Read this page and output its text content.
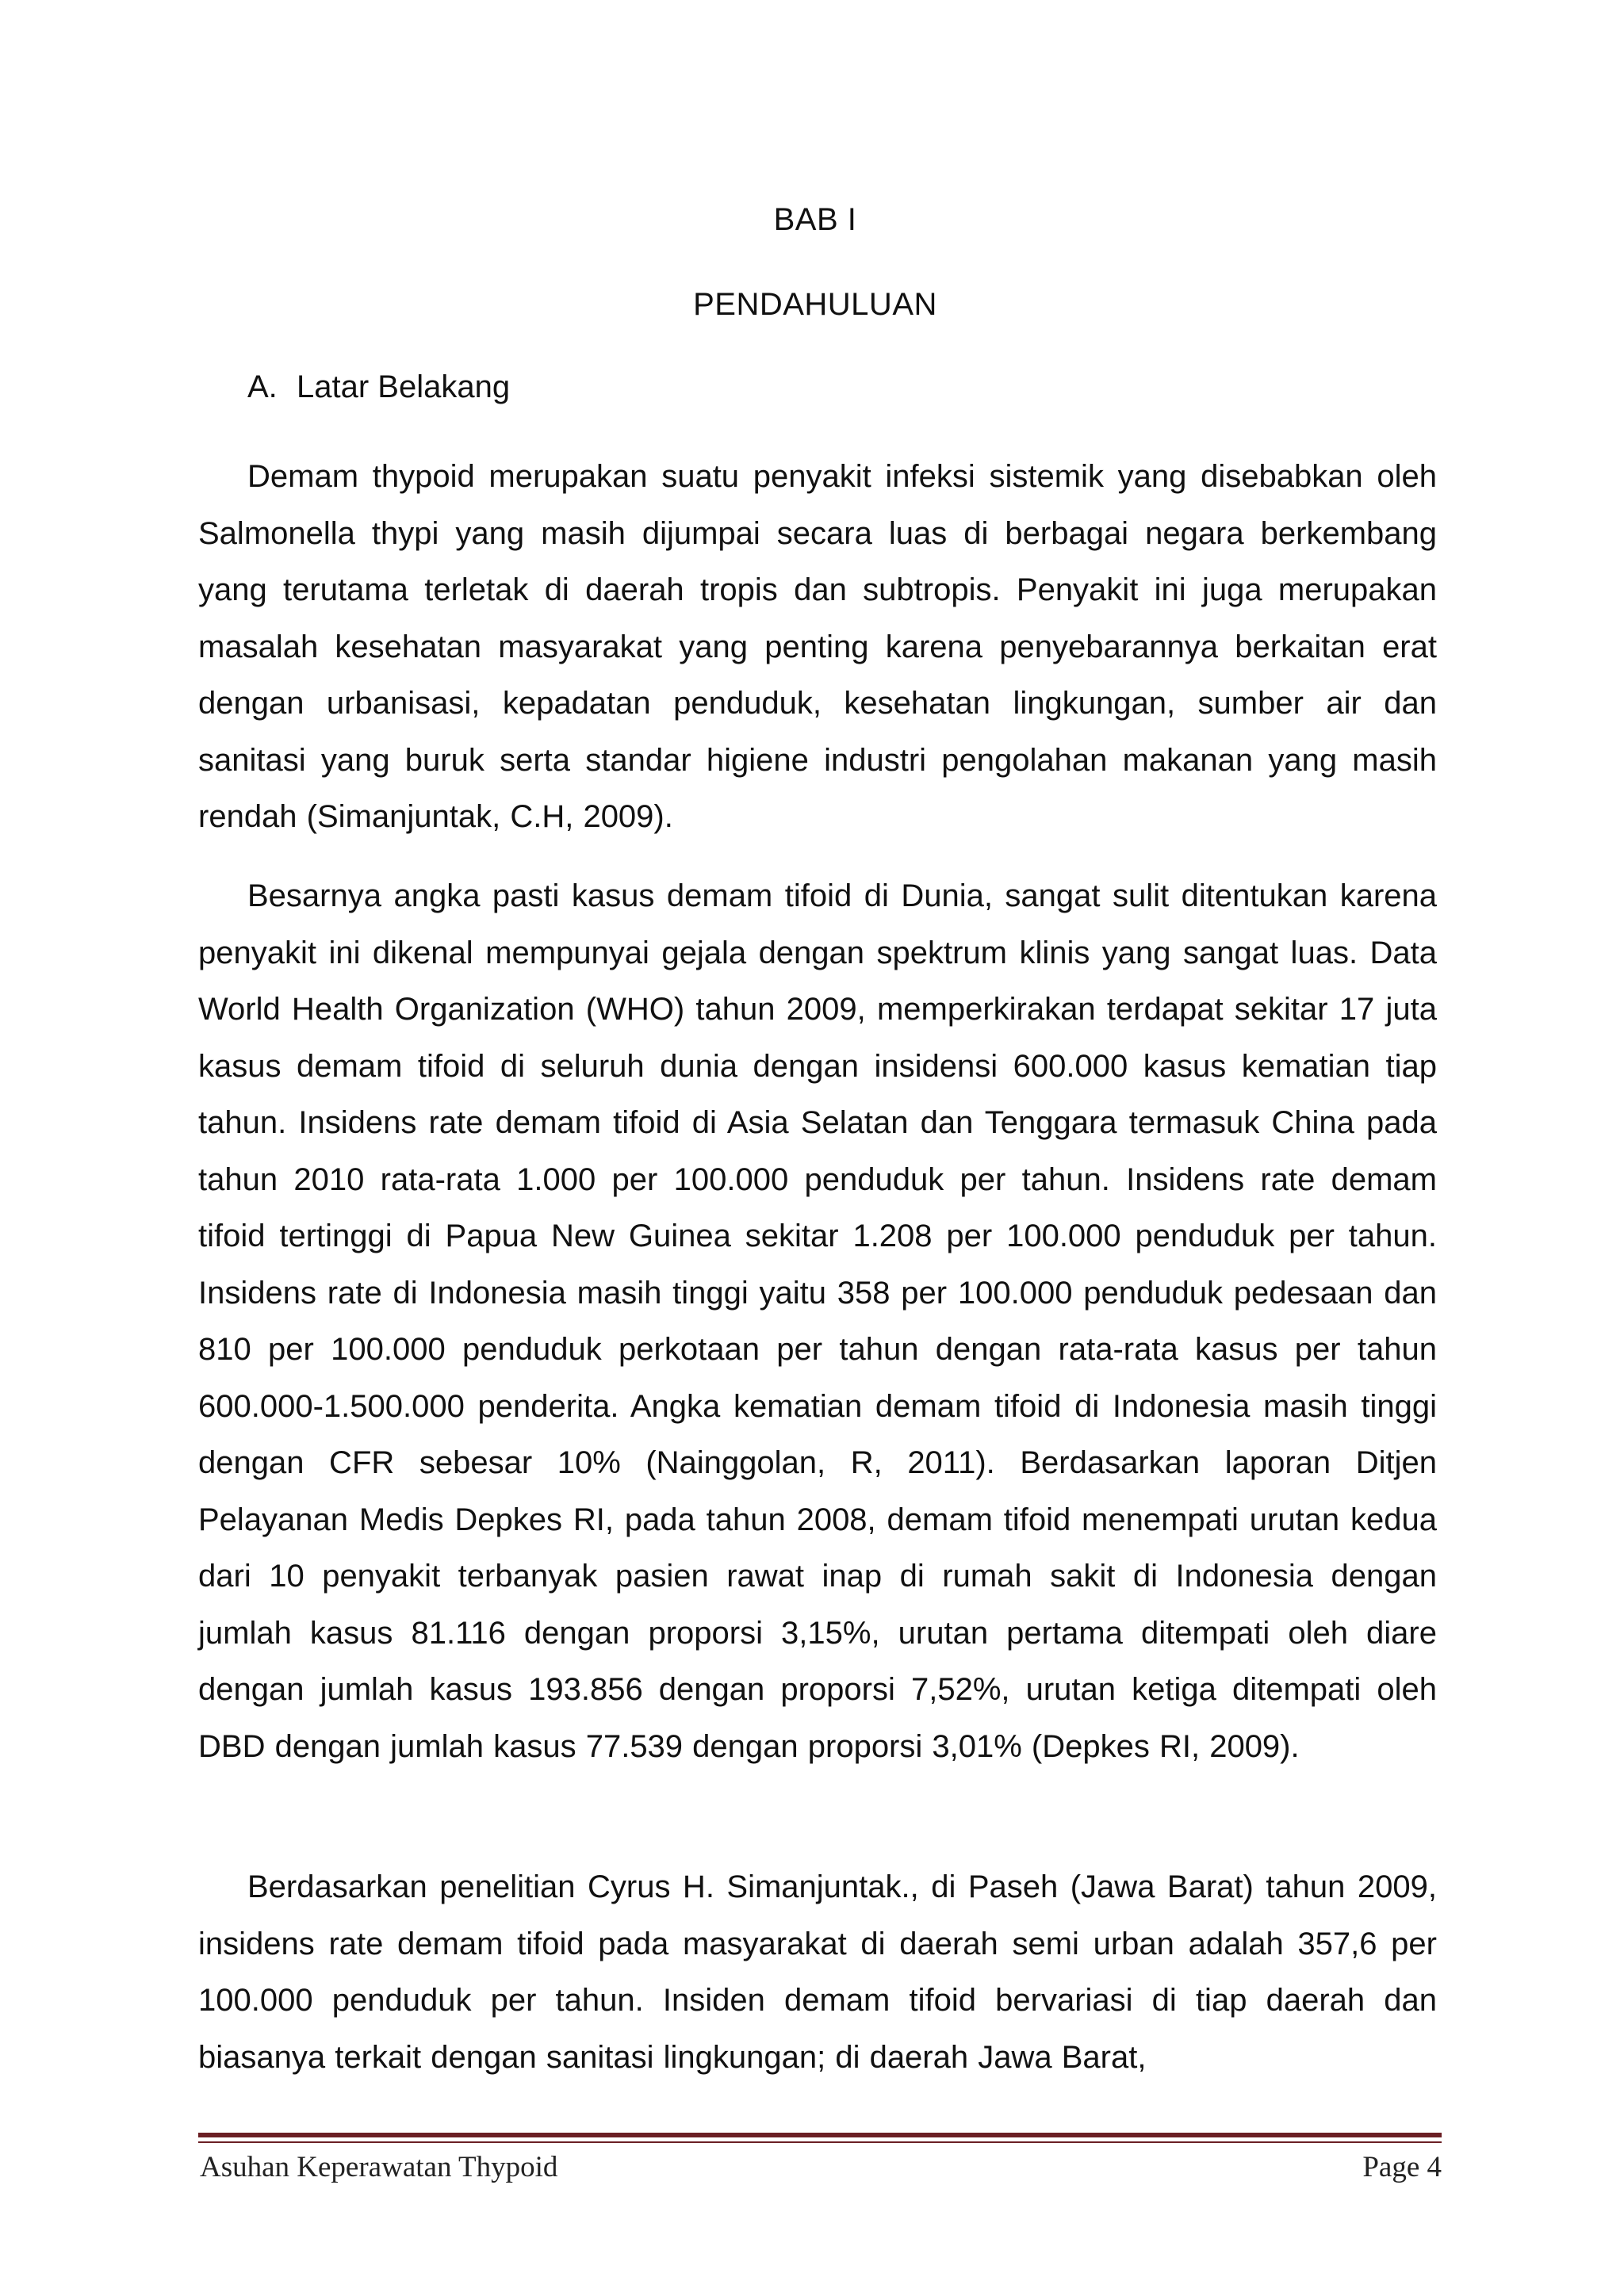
BAB I
PENDAHULUAN
A. Latar Belakang

Demam thypoid merupakan suatu penyakit infeksi sistemik yang disebabkan oleh Salmonella thypi yang masih dijumpai secara luas di berbagai negara berkembang yang terutama terletak di daerah tropis dan subtropis. Penyakit ini juga merupakan masalah kesehatan masyarakat yang penting karena penyebarannya berkaitan erat dengan urbanisasi, kepadatan penduduk, kesehatan lingkungan, sumber air dan sanitasi yang buruk serta standar higiene industri pengolahan makanan yang masih rendah (Simanjuntak, C.H, 2009).

Besarnya angka pasti kasus demam tifoid di Dunia, sangat sulit ditentukan karena penyakit ini dikenal mempunyai gejala dengan spektrum klinis yang sangat luas. Data World Health Organization (WHO) tahun 2009, memperkirakan terdapat sekitar 17 juta kasus demam tifoid di seluruh dunia dengan insidensi 600.000 kasus kematian tiap tahun. Insidens rate demam tifoid di Asia Selatan dan Tenggara termasuk China pada tahun 2010 rata-rata 1.000 per 100.000 penduduk per tahun. Insidens rate demam tifoid tertinggi di Papua New Guinea sekitar 1.208 per 100.000 penduduk per tahun. Insidens rate di Indonesia masih tinggi yaitu 358 per 100.000 penduduk pedesaan dan 810 per 100.000 penduduk perkotaan per tahun dengan rata-rata kasus per tahun 600.000-1.500.000 penderita. Angka kematian demam tifoid di Indonesia masih tinggi dengan CFR sebesar 10% (Nainggolan, R, 2011). Berdasarkan laporan Ditjen Pelayanan Medis Depkes RI, pada tahun 2008, demam tifoid menempati urutan kedua dari 10 penyakit terbanyak pasien rawat inap di rumah sakit di Indonesia dengan jumlah kasus 81.116 dengan proporsi 3,15%, urutan pertama ditempati oleh diare dengan jumlah kasus 193.856 dengan proporsi 7,52%, urutan ketiga ditempati oleh DBD dengan jumlah kasus 77.539 dengan proporsi 3,01% (Depkes RI, 2009).

Berdasarkan penelitian Cyrus H. Simanjuntak., di Paseh (Jawa Barat) tahun 2009, insidens rate demam tifoid pada masyarakat di daerah semi urban adalah 357,6 per 100.000 penduduk per tahun. Insiden demam tifoid bervariasi di tiap daerah dan biasanya terkait dengan sanitasi lingkungan; di daerah Jawa Barat,

Asuhan Keperawatan Thypoid	Page 4
